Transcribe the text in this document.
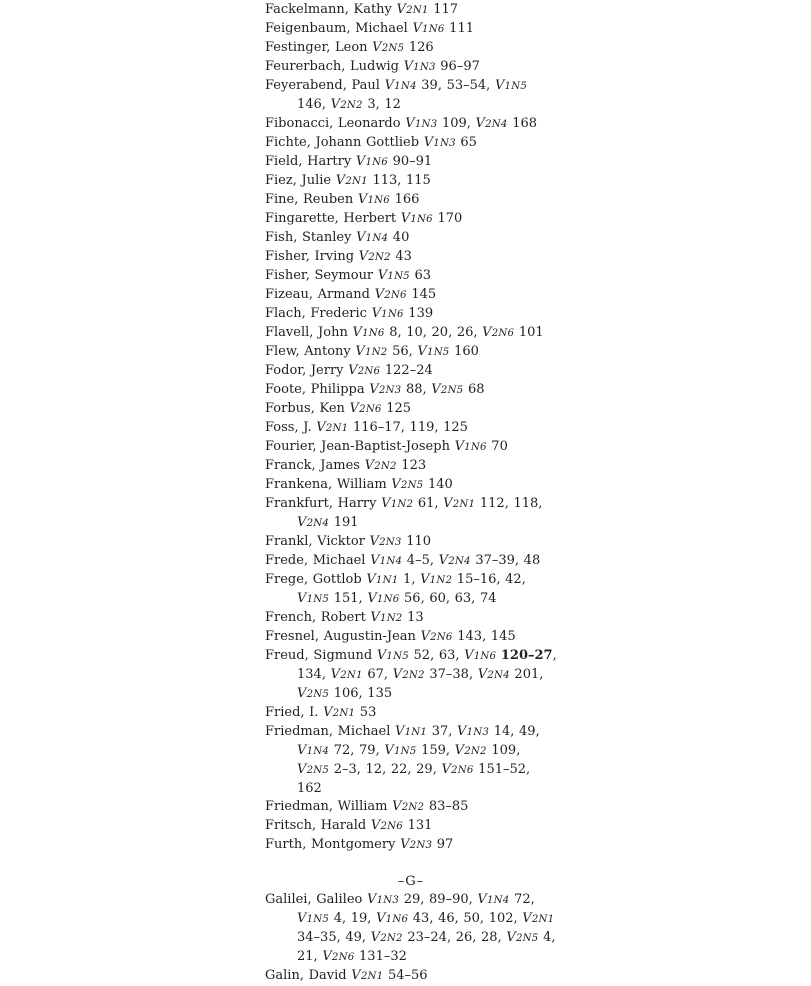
Fackelmann, Kathy V2N1 117
Feigenbaum, Michael V1N6 111
Festinger, Leon V2N5 126
Feurerbach, Ludwig V1N3 96–97
Feyerabend, Paul V1N4 39, 53–54, V1N5 146, V2N2 3, 12
Fibonacci, Leonardo V1N3 109, V2N4 168
Fichte, Johann Gottlieb V1N3 65
Field, Hartry V1N6 90–91
Fiez, Julie V2N1 113, 115
Fine, Reuben V1N6 166
Fingarette, Herbert V1N6 170
Fish, Stanley V1N4 40
Fisher, Irving V2N2 43
Fisher, Seymour V1N5 63
Fizeau, Armand V2N6 145
Flach, Frederic V1N6 139
Flavell, John V1N6 8, 10, 20, 26, V2N6 101
Flew, Antony V1N2 56, V1N5 160
Fodor, Jerry V2N6 122–24
Foote, Philippa V2N3 88, V2N5 68
Forbus, Ken V2N6 125
Foss, J. V2N1 116–17, 119, 125
Fourier, Jean-Baptist-Joseph V1N6 70
Franck, James V2N2 123
Frankena, William V2N5 140
Frankfurt, Harry V1N2 61, V2N1 112, 118, V2N4 191
Frankl, Vicktor V2N3 110
Frede, Michael V1N4 4–5, V2N4 37–39, 48
Frege, Gottlob V1N1 1, V1N2 15–16, 42, V1N5 151, V1N6 56, 60, 63, 74
French, Robert V1N2 13
Fresnel, Augustin-Jean V2N6 143, 145
Freud, Sigmund V1N5 52, 63, V1N6 120–27, 134, V2N1 67, V2N2 37–38, V2N4 201, V2N5 106, 135
Fried, I. V2N1 53
Friedman, Michael V1N1 37, V1N3 14, 49, V1N4 72, 79, V1N5 159, V2N2 109, V2N5 2–3, 12, 22, 29, V2N6 151–52, 162
Friedman, William V2N2 83–85
Fritsch, Harald V2N6 131
Furth, Montgomery V2N3 97
–G–
Galilei, Galileo V1N3 29, 89–90, V1N4 72, V1N5 4, 19, V1N6 43, 46, 50, 102, V2N1 34–35, 49, V2N2 23–24, 26, 28, V2N5 4, 21, V2N6 131–32
Galin, David V2N1 54–56
